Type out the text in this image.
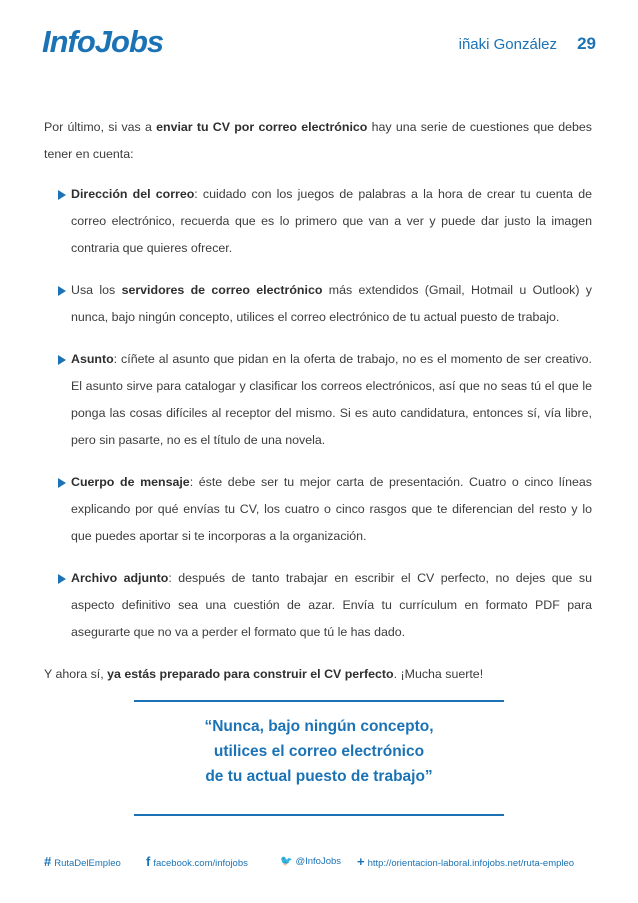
InfoJobs	iñaki González 29

Por último, si vas a enviar tu CV por correo electrónico hay una serie de cuestiones que debes tener en cuenta:

Dirección del correo: cuidado con los juegos de palabras a la hora de crear tu cuenta de correo electrónico, recuerda que es lo primero que van a ver y puede dar justo la imagen contraria que quieres ofrecer.
Usa los servidores de correo electrónico más extendidos (Gmail, Hotmail u Outlook) y nunca, bajo ningún concepto, utilices el correo electrónico de tu actual puesto de trabajo.
Asunto: cíñete al asunto que pidan en la oferta de trabajo, no es el momento de ser creativo. El asunto sirve para catalogar y clasificar los correos electrónicos, así que no seas tú el que le ponga las cosas difíciles al receptor del mismo. Si es auto candidatura, entonces sí, vía libre, pero sin pasarte, no es el título de una novela.
Cuerpo de mensaje: éste debe ser tu mejor carta de presentación. Cuatro o cinco líneas explicando por qué envías tu CV, los cuatro o cinco rasgos que te diferencian del resto y lo que puedes aportar si te incorporas a la organización.
Archivo adjunto: después de tanto trabajar en escribir el CV perfecto, no dejes que su aspecto definitivo sea una cuestión de azar. Envía tu currículum en formato PDF para asegurarte que no va a perder el formato que tú le has dado.

Y ahora sí, ya estás preparado para construir el CV perfecto. ¡Mucha suerte!

“Nunca, bajo ningún concepto,
utilices el correo electrónico
de tu actual puesto de trabajo”
# RutaDelEmpleo f facebook.com/infojobs	🐦 @InfoJobs + http://orientacion-laboral.infojobs.net/ruta-empleo
